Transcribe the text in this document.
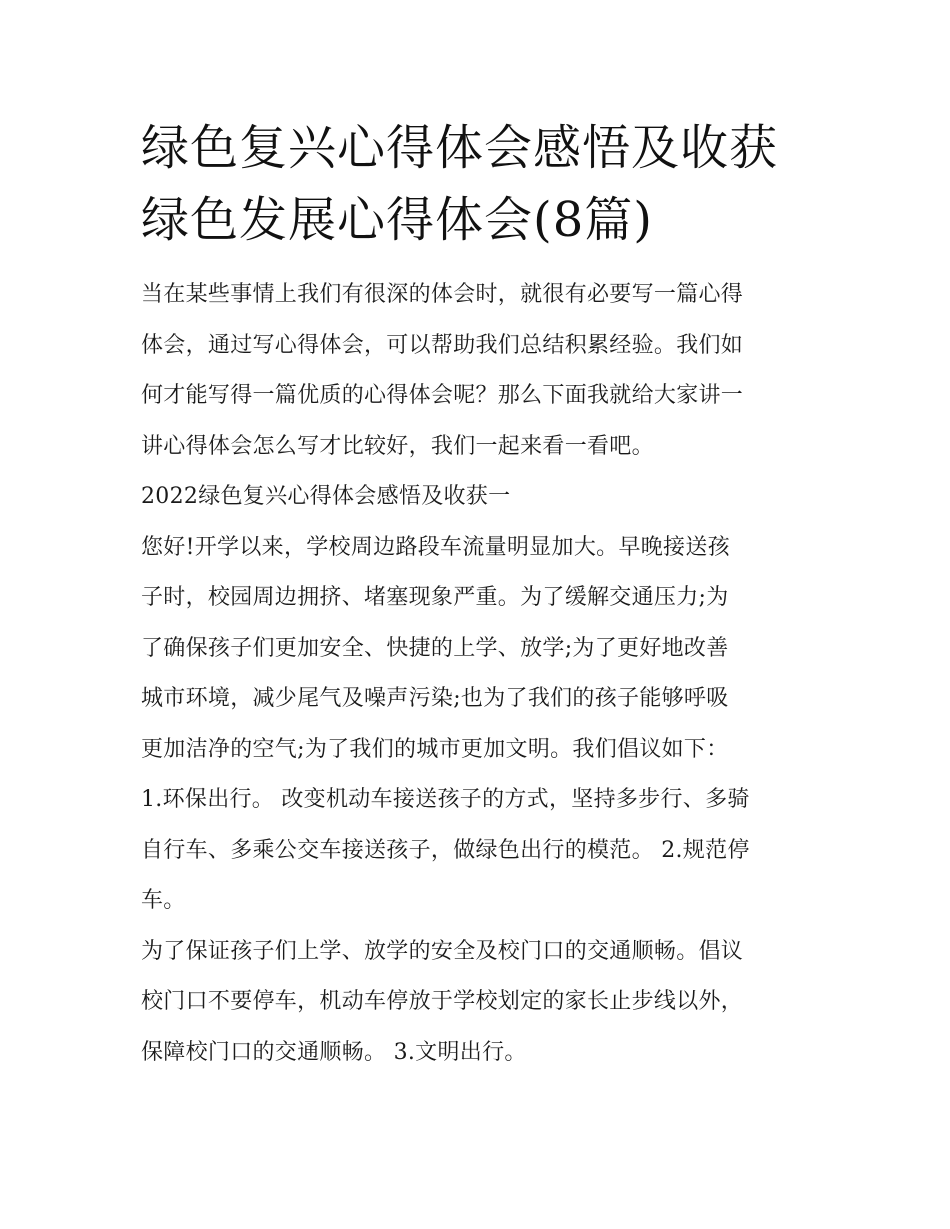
绿色复兴心得体会感悟及收获
绿色发展心得体会(8篇)

当在某些事情上我们有很深的体会时，就很有必要写一篇心得
体会，通过写心得体会，可以帮助我们总结积累经验。我们如
何才能写得一篇优质的心得体会呢？那么下面我就给大家讲一
讲心得体会怎么写才比较好，我们一起来看一看吧。

2022绿色复兴心得体会感悟及收获一

您好!开学以来，学校周边路段车流量明显加大。早晚接送孩
子时，校园周边拥挤、堵塞现象严重。为了缓解交通压力;为
了确保孩子们更加安全、快捷的上学、放学;为了更好地改善
城市环境，减少尾气及噪声污染;也为了我们的孩子能够呼吸
更加洁净的空气;为了我们的城市更加文明。我们倡议如下：

1.环保出行。 改变机动车接送孩子的方式，坚持多步行、多骑
自行车、多乘公交车接送孩子，做绿色出行的模范。 2.规范停
车。

为了保证孩子们上学、放学的安全及校门口的交通顺畅。倡议
校门口不要停车，机动车停放于学校划定的家长止步线以外，
保障校门口的交通顺畅。 3.文明出行。
